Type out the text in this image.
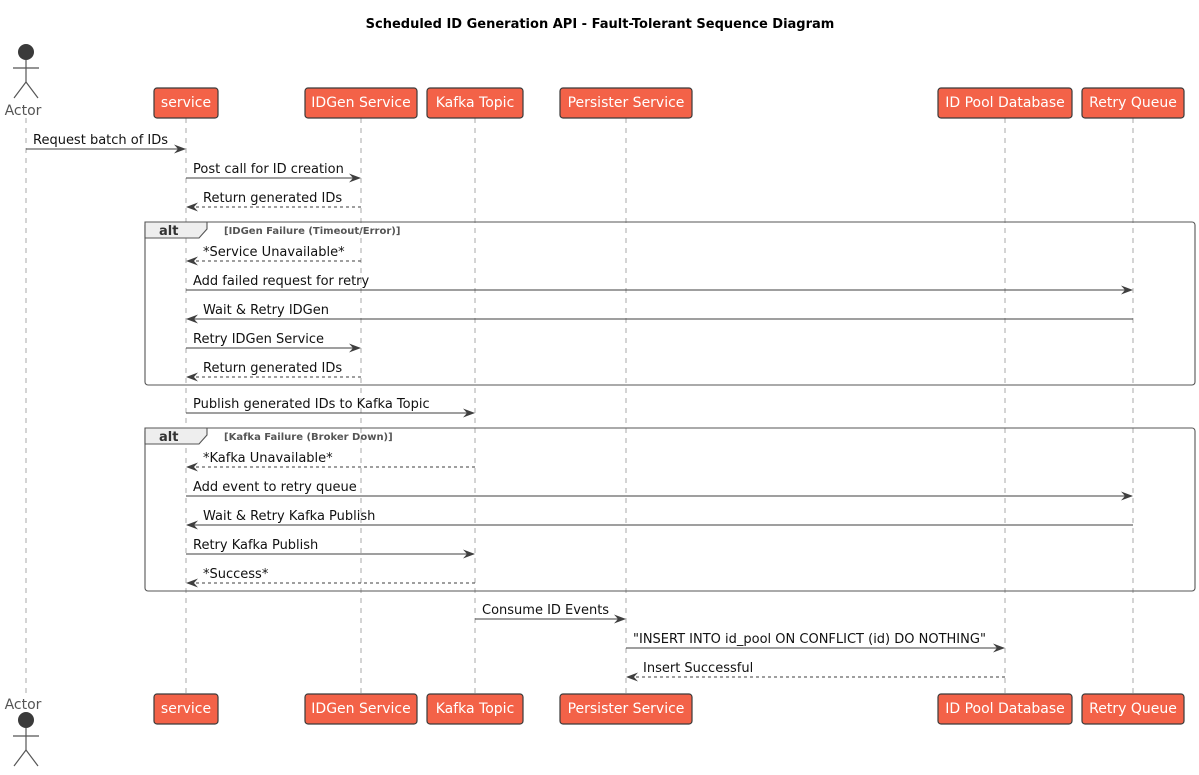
Scheduled ID Generation API - Fault-Tolerant Sequence Diagram
alt	[IDGen Failure (Timeout/Error)]
alt	[Kafka Failure (Broker Down)]
Request batch of IDs
Post call for ID creation
Return generated IDs
*Service Unavailable*
Add failed request for retry
Wait & Retry IDGen
Retry IDGen Service
Return generated IDs
Publish generated IDs to Kafka Topic
*Kafka Unavailable*
Add event to retry queue
Wait & Retry Kafka Publish
Retry Kafka Publish
*Success*
Consume ID Events
"INSERT INTO id_pool ON CONFLICT (id) DO NOTHING"
Insert Successful
Actor
Actor
service
service
IDGen Service
IDGen Service
Kafka Topic
Kafka Topic
Persister Service
Persister Service
ID Pool Database
ID Pool Database
Retry Queue
Retry Queue
